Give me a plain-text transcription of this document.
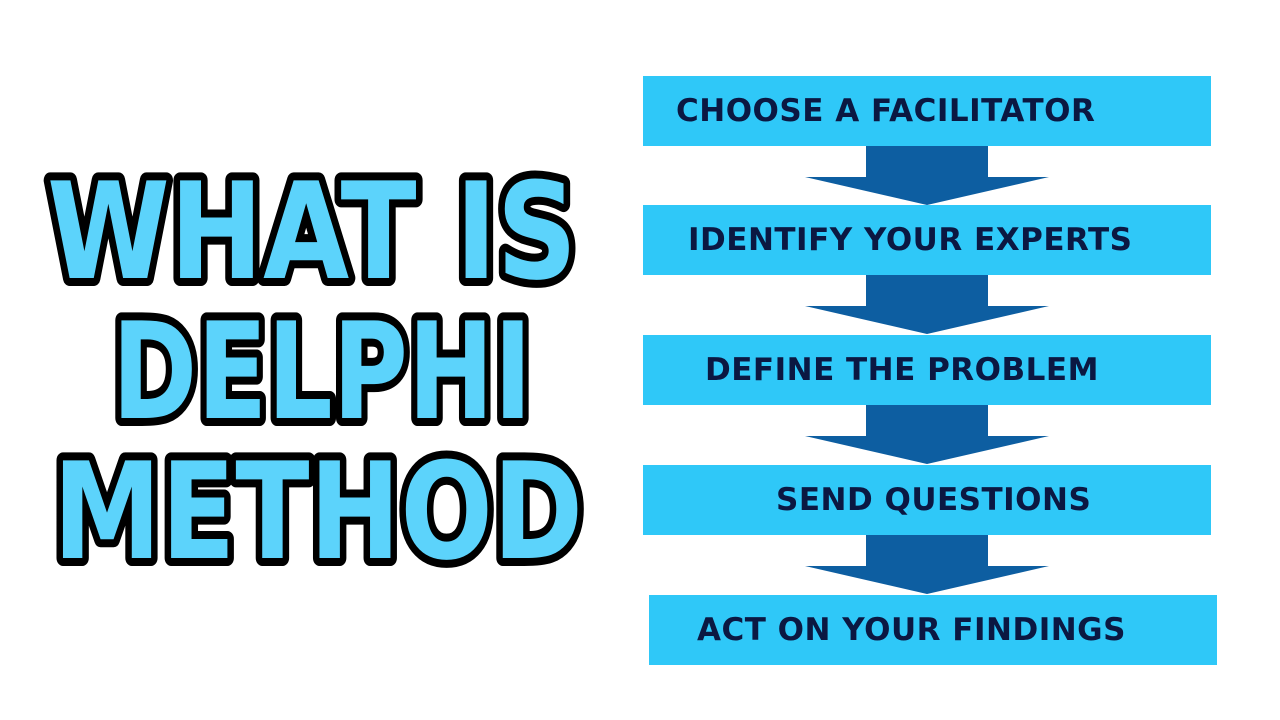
WHAT IS
DELPHI
METHOD
CHOOSE A FACILITATOR
IDENTIFY YOUR EXPERTS
DEFINE THE PROBLEM
SEND QUESTIONS
ACT ON YOUR FINDINGS
